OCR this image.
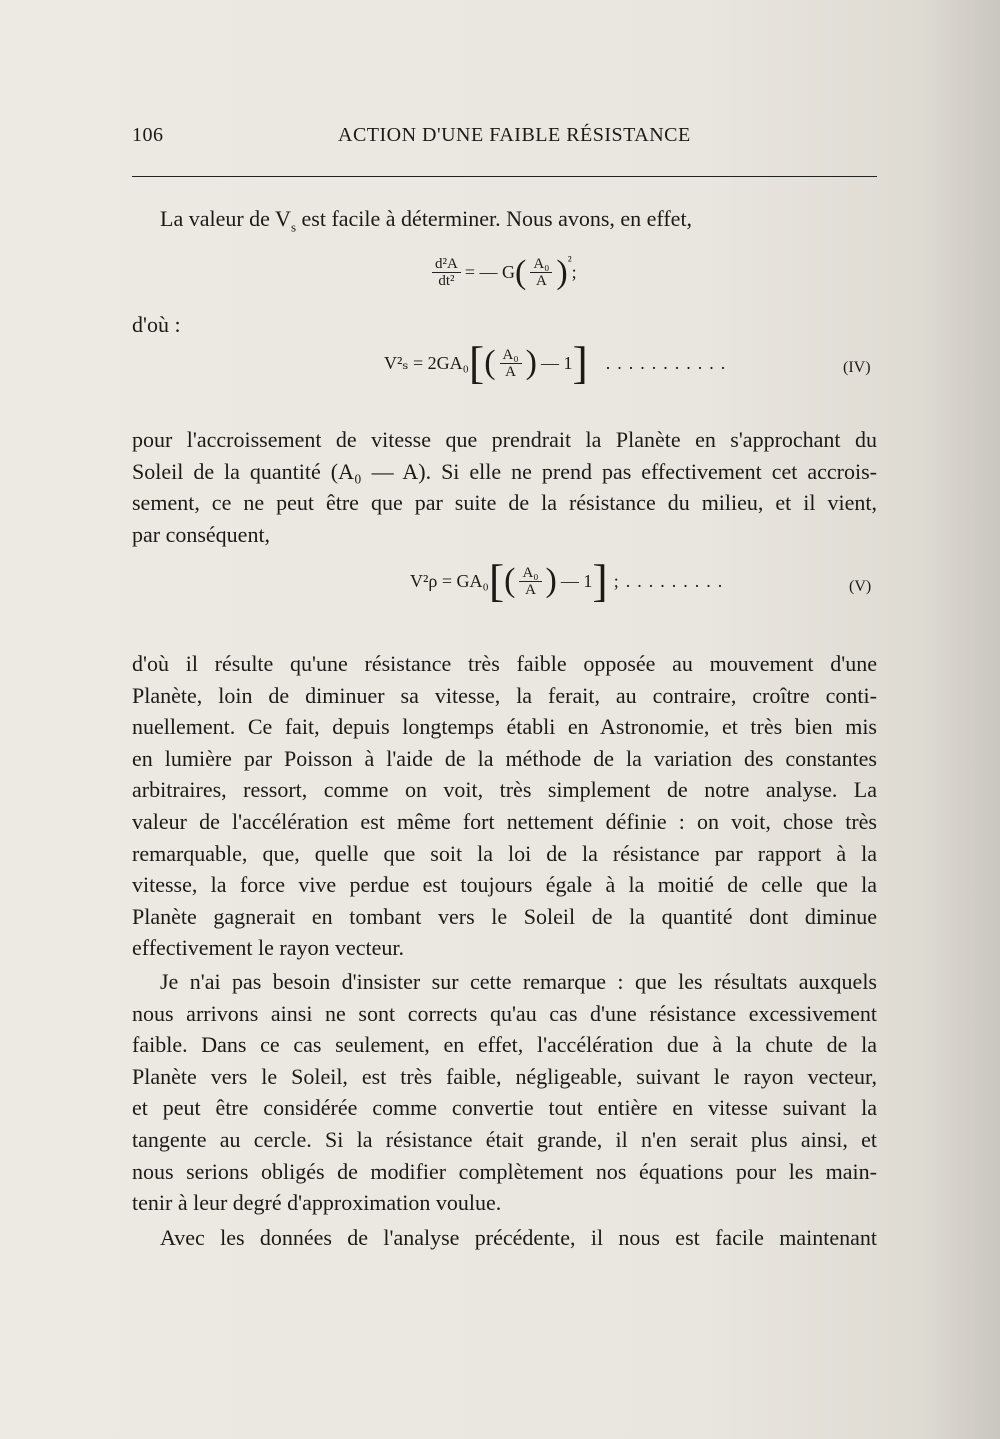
106	ACTION D'UNE FAIBLE RÉSISTANCE
La valeur de $V_s$ est facile à déterminer. Nous avons, en effet,
$\frac{\text{d²A}}{\text{dt²}}$ = — G ( $\frac{\text{A₀}}{A}$ ) ²
;
d'où :
V²ₛ = 2GA₀ [ ( $\frac{\text{A₀}}{A}$ ) — 1 ] ...........	(IV)
pour l'accroissement de vitesse que prendrait la Planète en s'approchant du
Soleil de la quantité (A₀ — A). Si elle ne prend pas effectivement cet accrois-
sement, ce ne peut être que par suite de la résistance du milieu, et il vient,
par conséquent,
V²ρ = GA₀ [ ( $\frac{\text{A₀}}{A}$ ) — 1 ] ;.........	(V)
d'où il résulte qu'une résistance très faible opposée au mouvement d'une
Planète, loin de diminuer sa vitesse, la ferait, au contraire, croître conti-
nuellement. Ce fait, depuis longtemps établi en Astronomie, et très bien mis
en lumière par Poisson à l'aide de la méthode de la variation des constantes
arbitraires, ressort, comme on voit, très simplement de notre analyse. La
valeur de l'accélération est même fort nettement définie : on voit, chose très
remarquable, que, quelle que soit la loi de la résistance par rapport à la
vitesse, la force vive perdue est toujours égale à la moitié de celle que la
Planète gagnerait en tombant vers le Soleil de la quantité dont diminue
effectivement le rayon vecteur.
Je n'ai pas besoin d'insister sur cette remarque : que les résultats auxquels
nous arrivons ainsi ne sont corrects qu'au cas d'une résistance excessivement
faible. Dans ce cas seulement, en effet, l'accélération due à la chute de la
Planète vers le Soleil, est très faible, négligeable, suivant le rayon vecteur,
et peut être considérée comme convertie tout entière en vitesse suivant la
tangente au cercle. Si la résistance était grande, il n'en serait plus ainsi, et
nous serions obligés de modifier complètement nos équations pour les main-
tenir à leur degré d'approximation voulue.
Avec les données de l'analyse précédente, il nous est facile maintenant
